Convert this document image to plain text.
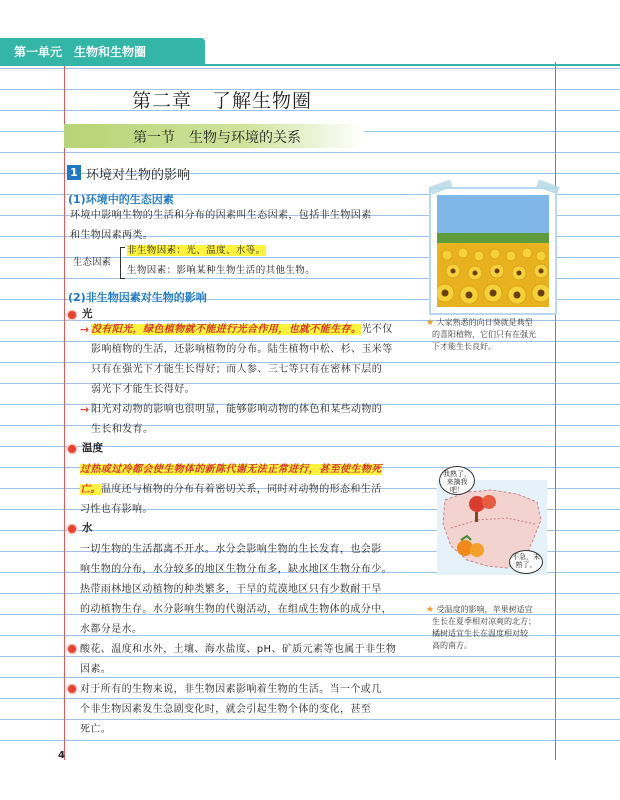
第一单元　生物和生物圈
第二章　了解生物圈
第一节　生物与环境的关系
1 环境对生物的影响
(1)环境中的生态因素
环境中影响生物的生活和分布的因素叫生态因素，包括非生物因素
和生物因素两类。
生态因素
非生物因素：光、温度、水等。
生物因素：影响某种生物生活的其他生物。
(2)非生物因素对生物的影响
光
→ 没有阳光，绿色植物就不能进行光合作用，也就不能生存。光不仅
影响植物的生活，还影响植物的分布。陆生植物中松、杉、玉米等
只有在强光下才能生长得好；而人参、三七等只有在密林下层的
弱光下才能生长得好。
→ 阳光对动物的影响也很明显，能够影响动物的体色和某些动物的
生长和发育。
温度
过热或过冷都会使生物体的新陈代谢无法正常进行，甚至使生物死
亡。温度还与植物的分布有着密切关系，同时对动物的形态和生活
习性也有影响。
水
一切生物的生活都离不开水。水分会影响生物的生长发育，也会影
响生物的分布，水分较多的地区生物分布多，缺水地区生物分布少。
热带雨林地区动植物的种类繁多，干旱的荒漠地区只有少数耐干旱
的动植物生存。水分影响生物的代谢活动，在组成生物体的成分中，
水都分是水。
酸花、温度和水外，土壤、海水盐度、pH、矿质元素等也属于非生物
因素。
对于所有的生物来说，非生物因素影响着生物的生活。当一个或几
个非生物因素发生急剧变化时，就会引起生物个体的变化，甚至
死亡。
★ 大家熟悉的向日葵就是典型
的喜阳植物，它们只有在强光
下才能生长良好。
我熟了，来摘我吧！
不急，未熟了。
★ 受温度的影响，苹果树适宜
生长在夏季相对凉爽的北方；
橘树适宜生长在温度相对较
高的南方。
4
